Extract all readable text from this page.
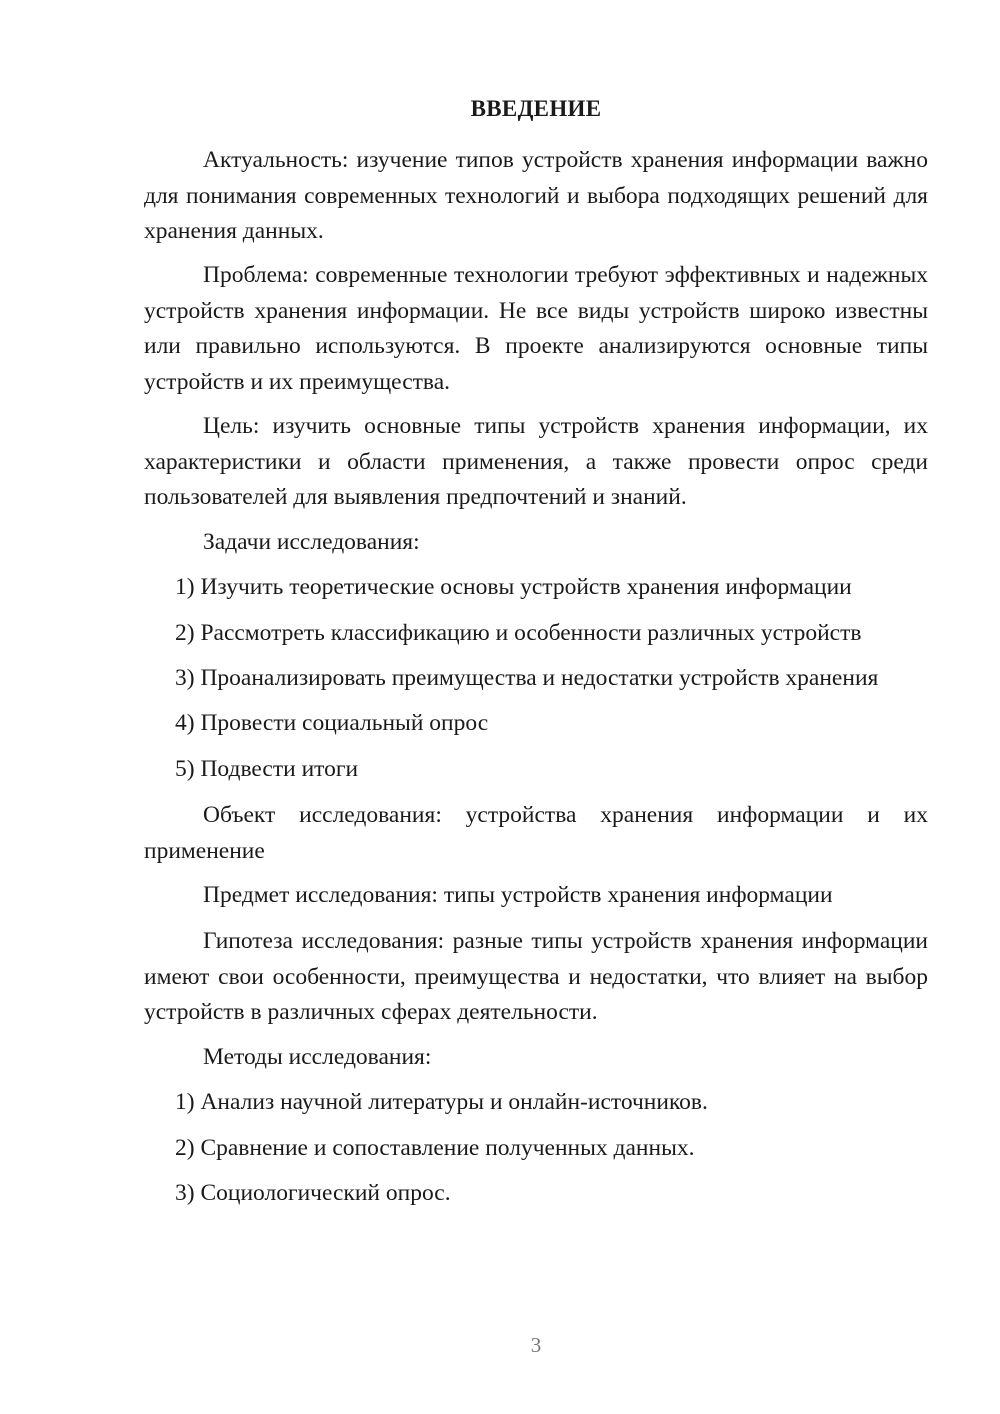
ВВЕДЕНИЕ

Актуальность: изучение типов устройств хранения информации важно для понимания современных технологий и выбора подходящих решений для хранения данных.

Проблема: современные технологии требуют эффективных и надежных устройств хранения информации. Не все виды устройств широко известны или правильно используются. В проекте анализируются основные типы устройств и их преимущества.

Цель: изучить основные типы устройств хранения информации, их характеристики и области применения, а также провести опрос среди пользователей для выявления предпочтений и знаний.

Задачи исследования:

1) Изучить теоретические основы устройств хранения информации

2) Рассмотреть классификацию и особенности различных устройств

3) Проанализировать преимущества и недостатки устройств хранения

4) Провести социальный опрос

5) Подвести итоги

Объект исследования: устройства хранения информации и их применение

Предмет исследования: типы устройств хранения информации

Гипотеза исследования: разные типы устройств хранения информации имеют свои особенности, преимущества и недостатки, что влияет на выбор устройств в различных сферах деятельности.

Методы исследования:

1) Анализ научной литературы и онлайн-источников.

2) Сравнение и сопоставление полученных данных.

3) Социологический опрос.

3
